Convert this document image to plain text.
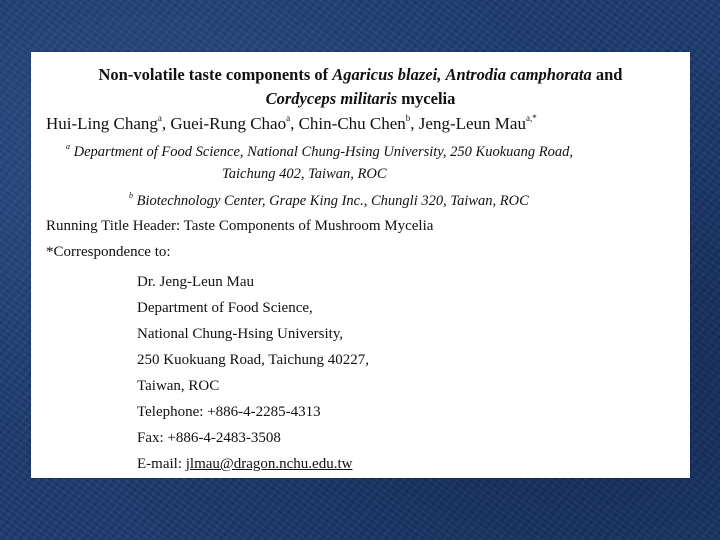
Non-volatile taste components of Agaricus blazei, Antrodia camphorata and
Cordyceps militaris mycelia
Hui-Ling Chang$^a$, Guei-Rung Chao$^a$, Chin-Chu Chen$^b$, Jeng-Leun Mau$^{a,*}$
$^a$ Department of Food Science, National Chung-Hsing University, 250 Kuokuang Road,
Taichung 402, Taiwan, ROC
$^b$ Biotechnology Center, Grape King Inc., Chungli 320, Taiwan, ROC
Running Title Header: Taste Components of Mushroom Mycelia
*Correspondence to:
Dr. Jeng-Leun Mau
Department of Food Science,
National Chung-Hsing University,
250 Kuokuang Road, Taichung 40227,
Taiwan, ROC
Telephone: +886-4-2285-4313
Fax: +886-4-2483-3508
E-mail: jlmau@dragon.nchu.edu.tw
